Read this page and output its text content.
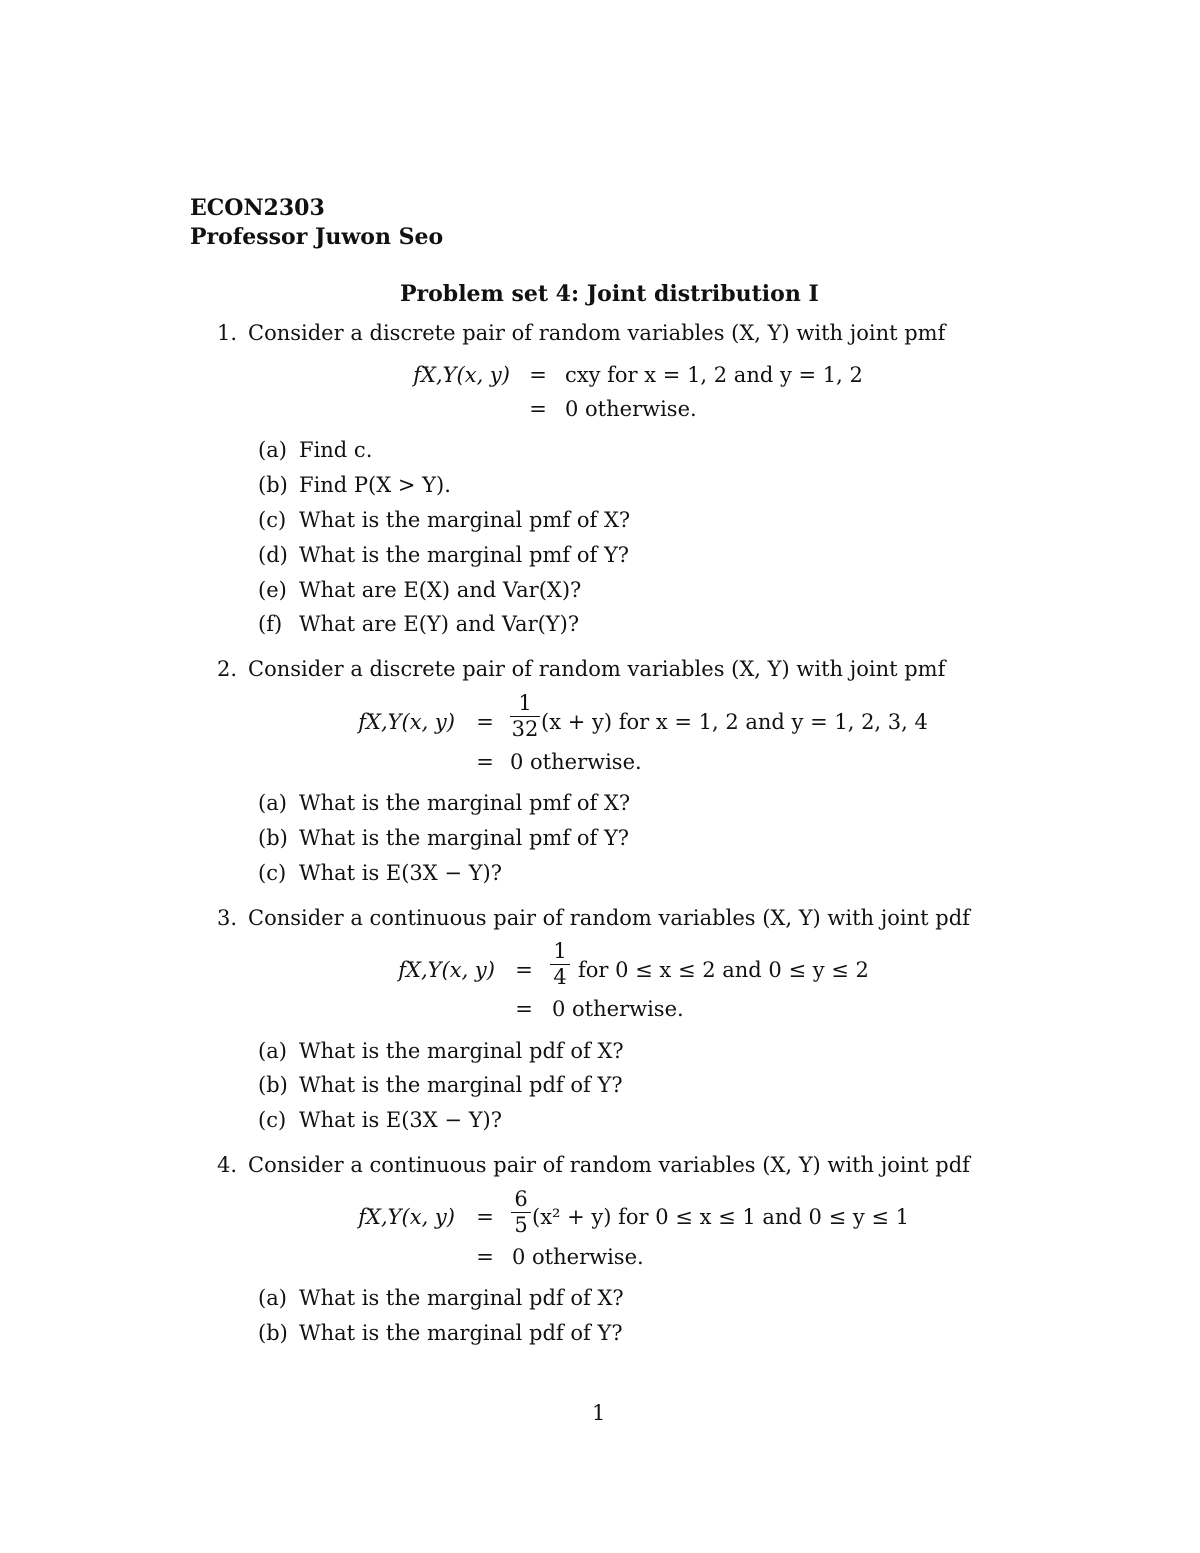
ECON2303
Professor Juwon Seo
Problem set 4: Joint distribution I
1. Consider a discrete pair of random variables (X, Y) with joint pmf
fX,Y(x, y) = cxy for x = 1, 2 and y = 1, 2
= 0 otherwise.
(a) Find c.
(b) Find P(X > Y).
(c) What is the marginal pmf of X?
(d) What is the marginal pmf of Y?
(e) What are E(X) and Var(X)?
(f) What are E(Y) and Var(Y)?
2. Consider a discrete pair of random variables (X, Y) with joint pmf
fX,Y(x, y) =
1
32 (x + y) for x = 1, 2 and y = 1, 2, 3, 4
= 0 otherwise.
(a) What is the marginal pmf of X?
(b) What is the marginal pmf of Y?
(c) What is E(3X − Y)?
3. Consider a continuous pair of random variables (X, Y) with joint pdf
fX,Y(x, y) =
1
4 for 0 ≤ x ≤ 2 and 0 ≤ y ≤ 2
= 0 otherwise.
(a) What is the marginal pdf of X?
(b) What is the marginal pdf of Y?
(c) What is E(3X − Y)?
4. Consider a continuous pair of random variables (X, Y) with joint pdf
fX,Y(x, y) =
6
5 (x² + y) for 0 ≤ x ≤ 1 and 0 ≤ y ≤ 1
= 0 otherwise.
(a) What is the marginal pdf of X?
(b) What is the marginal pdf of Y?
1
